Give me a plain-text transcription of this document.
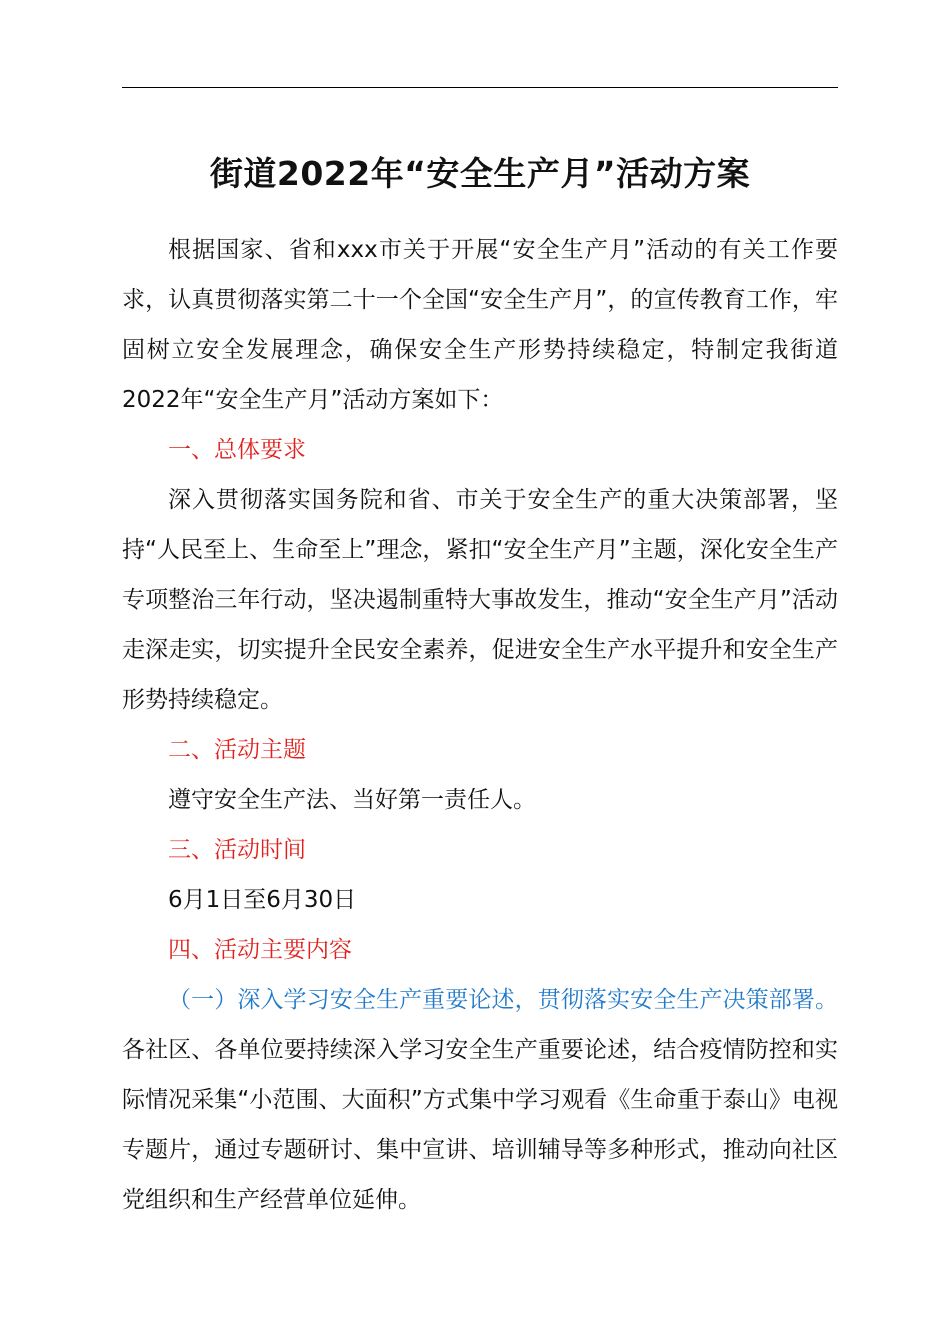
街道2022年“安全生产月”活动方案

根据国家、省和xxx市关于开展“安全生产月”活动的有关工作要求，认真贯彻落实第二十一个全国“安全生产月”，的宣传教育工作，牢固树立安全发展理念，确保安全生产形势持续稳定，特制定我街道2022年“安全生产月”活动方案如下：

一、总体要求

深入贯彻落实国务院和省、市关于安全生产的重大决策部署，坚持“人民至上、生命至上”理念，紧扣“安全生产月”主题，深化安全生产专项整治三年行动，坚决遏制重特大事故发生，推动“安全生产月”活动走深走实，切实提升全民安全素养，促进安全生产水平提升和安全生产形势持续稳定。

二、活动主题

遵守安全生产法、当好第一责任人。

三、活动时间

6月1日至6月30日

四、活动主要内容

（一）深入学习安全生产重要论述，贯彻落实安全生产决策部署。各社区、各单位要持续深入学习安全生产重要论述，结合疫情防控和实际情况采集“小范围、大面积”方式集中学习观看《生命重于泰山》电视专题片，通过专题研讨、集中宣讲、培训辅导等多种形式，推动向社区党组织和生产经营单位延伸。
